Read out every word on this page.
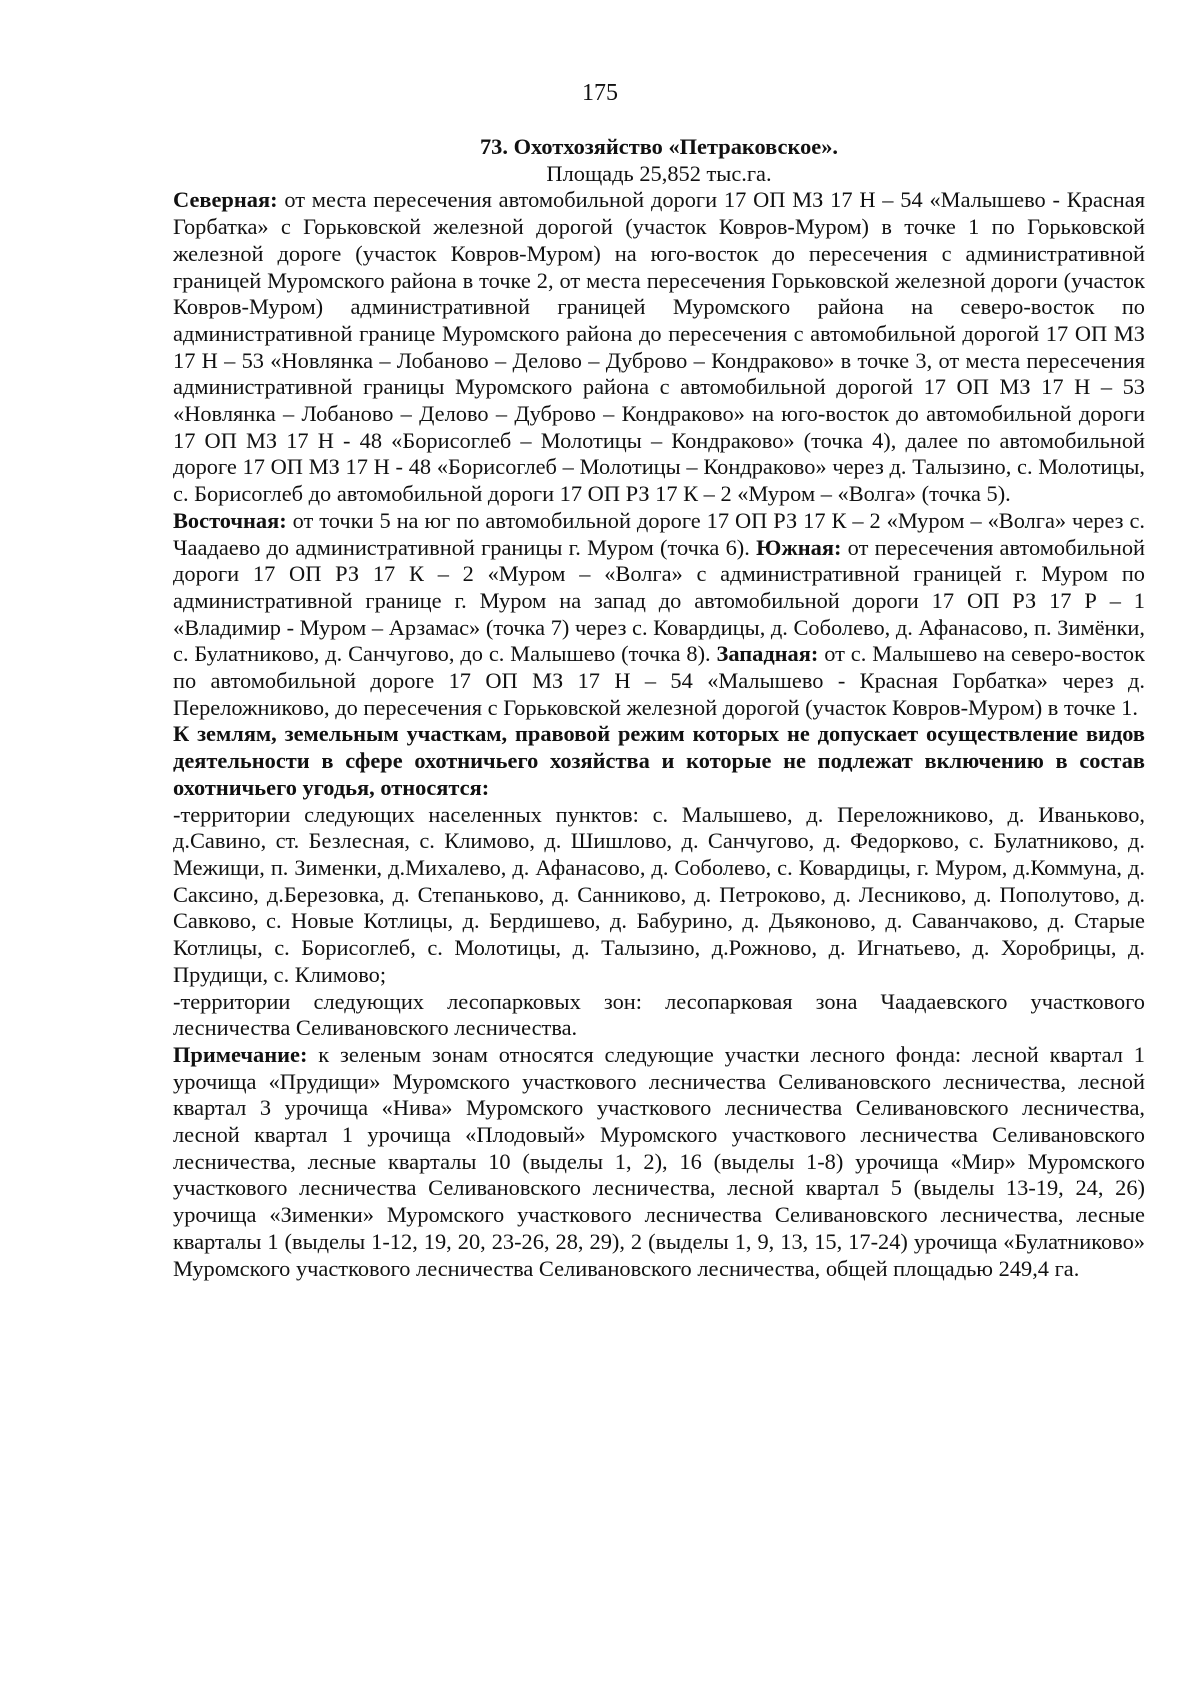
175
73. Охотхозяйство «Петраковское».
Площадь 25,852 тыс.га.

Северная: от места пересечения автомобильной дороги 17 ОП МЗ 17 Н – 54 «Малышево - Красная Горбатка» с Горьковской железной дорогой (участок Ковров-Муром) в точке 1 по Горьковской железной дороге (участок Ковров-Муром) на юго-восток до пересечения с административной границей Муромского района в точке 2, от места пересечения Горьковской железной дороги (участок Ковров-Муром) административной границей Муромского района на северо-восток по административной границе Муромского района до пересечения с автомобильной дорогой 17 ОП МЗ 17 Н – 53 «Новлянка – Лобаново – Делово – Дуброво – Кондраково» в точке 3, от места пересечения административной границы Муромского района с автомобильной дорогой 17 ОП МЗ 17 Н – 53 «Новлянка – Лобаново – Делово – Дуброво – Кондраково» на юго-восток до автомобильной дороги 17 ОП МЗ 17 Н - 48 «Борисоглеб – Молотицы – Кондраково» (точка 4), далее по автомобильной дороге 17 ОП МЗ 17 Н - 48 «Борисоглеб – Молотицы – Кондраково» через д. Талызино, с. Молотицы, с. Борисоглеб до автомобильной дороги 17 ОП РЗ 17 К – 2 «Муром – «Волга» (точка 5).

Восточная: от точки 5 на юг по автомобильной дороге 17 ОП РЗ 17 К – 2 «Муром – «Волга» через с. Чаадаево до административной границы г. Муром (точка 6). Южная: от пересечения автомобильной дороги 17 ОП РЗ 17 К – 2 «Муром – «Волга» с административной границей г. Муром по административной границе г. Муром на запад до автомобильной дороги 17 ОП РЗ 17 Р – 1 «Владимир - Муром – Арзамас» (точка 7) через с. Ковардицы, д. Соболево, д. Афанасово, п. Зимёнки, с. Булатниково, д. Санчугово, до с. Малышево (точка 8). Западная: от с. Малышево на северо-восток по автомобильной дороге 17 ОП МЗ 17 Н – 54 «Малышево - Красная Горбатка» через д. Переложниково, до пересечения с Горьковской железной дорогой (участок Ковров-Муром) в точке 1.

К землям, земельным участкам, правовой режим которых не допускает осуществление видов деятельности в сфере охотничьего хозяйства и которые не подлежат включению в состав охотничьего угодья, относятся:

-территории следующих населенных пунктов: с. Малышево, д. Переложниково, д. Иваньково, д.Савино, ст. Безлесная, с. Климово, д. Шишлово, д. Санчугово, д. Федорково, с. Булатниково, д. Межищи, п. Зименки, д.Михалево, д. Афанасово, д. Соболево, с. Ковардицы, г. Муром, д.Коммуна, д. Саксино, д.Березовка, д. Степаньково, д. Санниково, д. Петроково, д. Лесниково, д. Пополутово, д. Савково, с. Новые Котлицы, д. Бердишево, д. Бабурино, д. Дьяконово, д. Саванчаково, д. Старые Котлицы, с. Борисоглеб, с. Молотицы, д. Талызино, д.Рожново, д. Игнатьево, д. Хоробрицы, д. Прудищи, с. Климово;

-территории следующих лесопарковых зон: лесопарковая зона Чаадаевского участкового лесничества Селивановского лесничества.

Примечание: к зеленым зонам относятся следующие участки лесного фонда: лесной квартал 1 урочища «Прудищи» Муромского участкового лесничества Селивановского лесничества, лесной квартал 3 урочища «Нива» Муромского участкового лесничества Селивановского лесничества, лесной квартал 1 урочища «Плодовый» Муромского участкового лесничества Селивановского лесничества, лесные кварталы 10 (выделы 1, 2), 16 (выделы 1-8) урочища «Мир» Муромского участкового лесничества Селивановского лесничества, лесной квартал 5 (выделы 13-19, 24, 26) урочища «Зименки» Муромского участкового лесничества Селивановского лесничества, лесные кварталы 1 (выделы 1-12, 19, 20, 23-26, 28, 29), 2 (выделы 1, 9, 13, 15, 17-24) урочища «Булатниково» Муромского участкового лесничества Селивановского лесничества, общей площадью 249,4 га.
